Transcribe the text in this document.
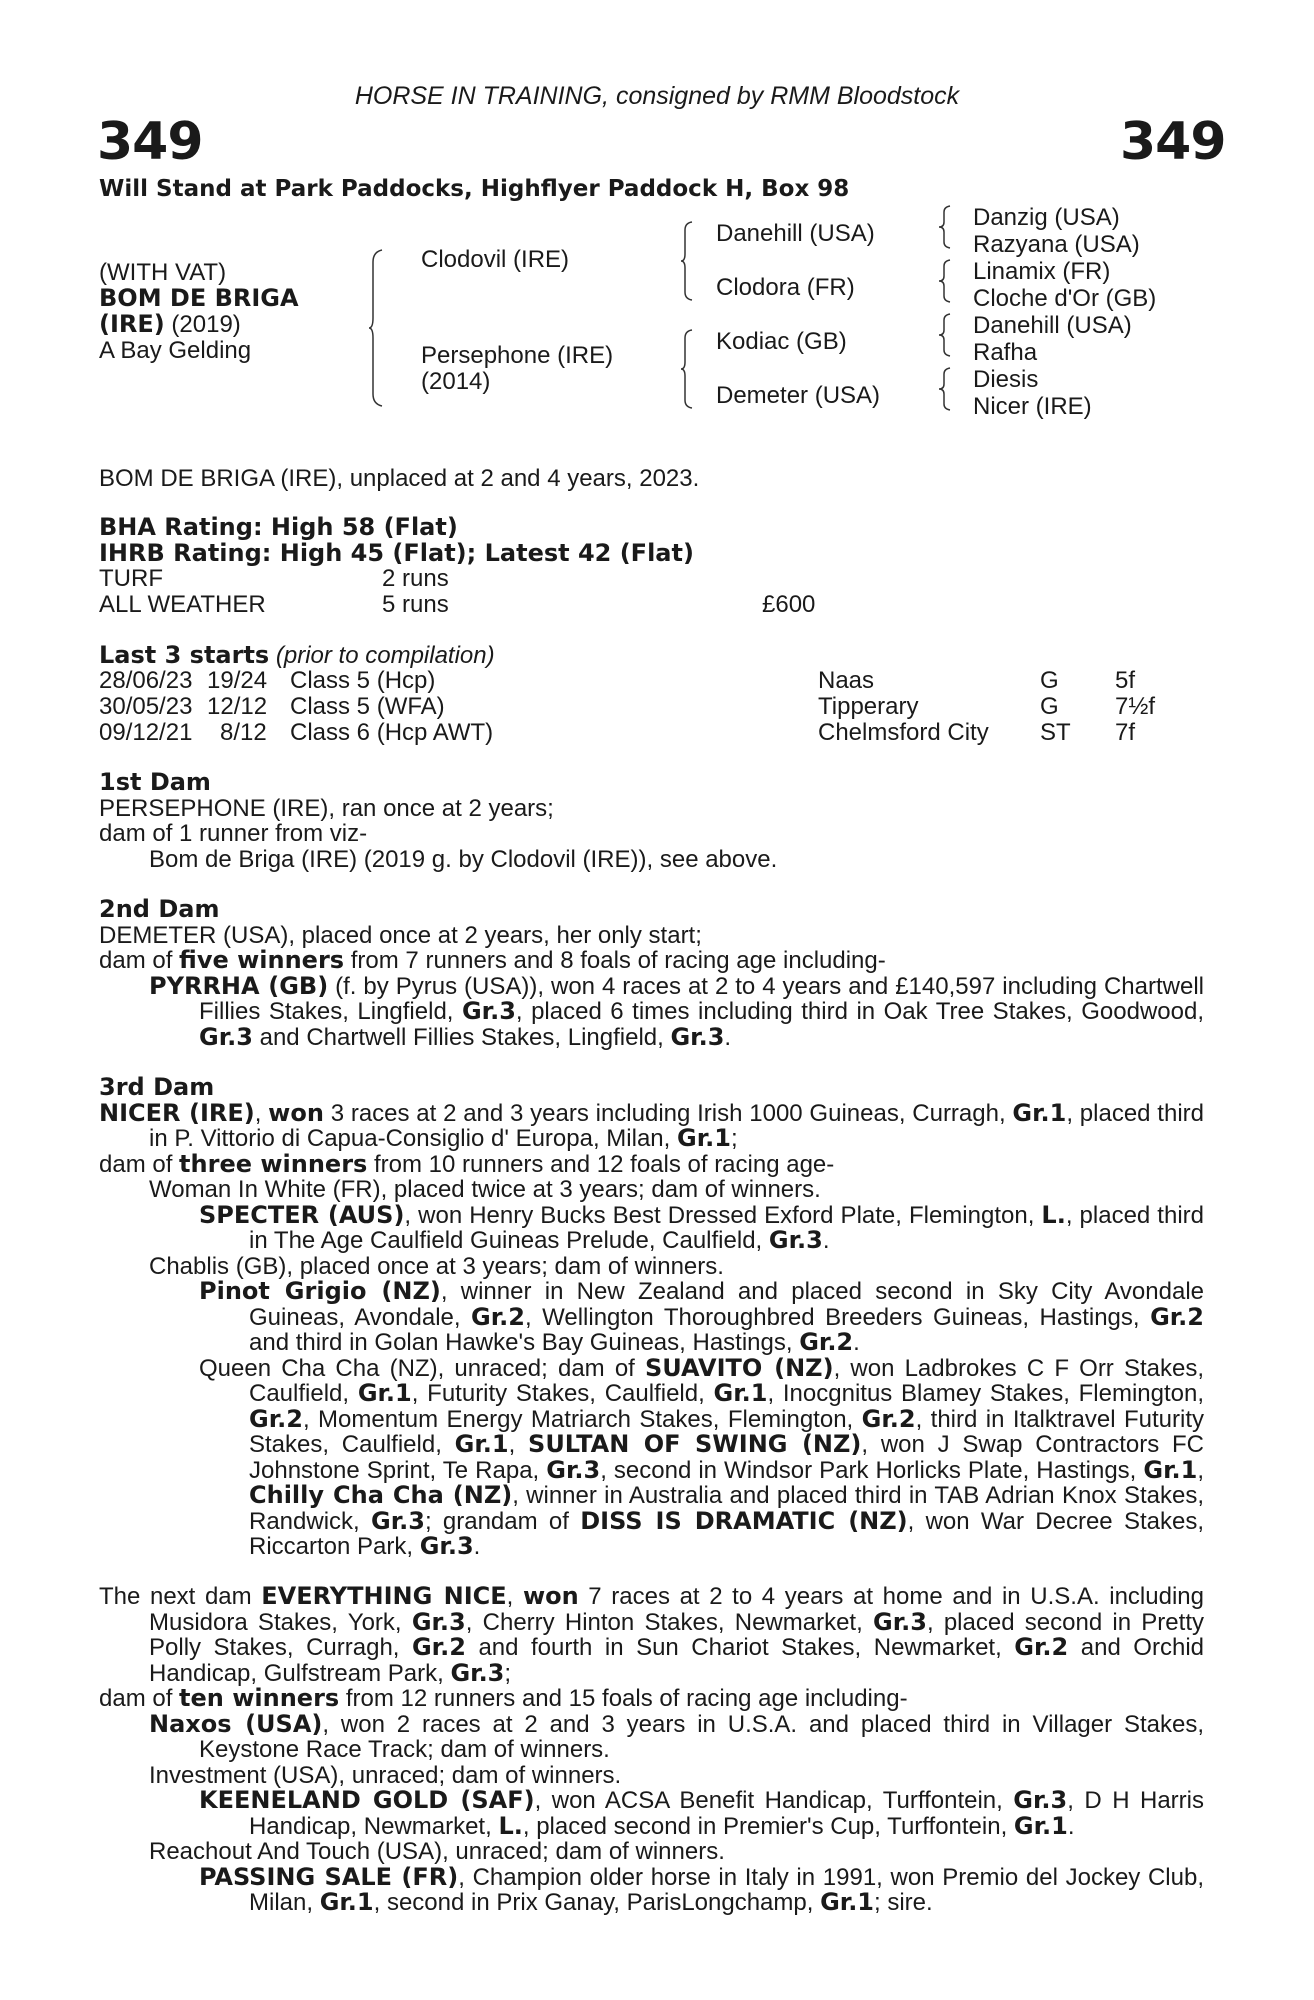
HORSE IN TRAINING, consigned by RMM Bloodstock
349	349
Will Stand at Park Paddocks, Highflyer Paddock H, Box 98
(WITH VAT)
BOM DE BRIGA
(IRE) (2019)
A Bay Gelding
Clodovil (IRE)
Persephone (IRE)
(2014)
Danehill (USA)
Clodora (FR)
Kodiac (GB)
Demeter (USA)
Danzig (USA)
Razyana (USA)
Linamix (FR)
Cloche d'Or (GB)
Danehill (USA)
Rafha
Diesis
Nicer (IRE)
BOM DE BRIGA (IRE), unplaced at 2 and 4 years, 2023.
BHA Rating: High 58 (Flat)
IHRB Rating: High 45 (Flat); Latest 42 (Flat)
TURF	2 runs
ALL WEATHER	5 runs	£600
Last 3 starts (prior to compilation)
28/06/23 19/24 Class 5 (Hcp)	Naas	G 5f
30/05/23 12/12 Class 5 (WFA)	Tipperary	G 7½f
09/12/21 8/12 Class 6 (Hcp AWT)	Chelmsford City ST 7f

1st Dam

PERSEPHONE (IRE), ran once at 2 years;

dam of 1 runner from viz-

Bom de Briga (IRE) (2019 g. by Clodovil (IRE)), see above.

2nd Dam

DEMETER (USA), placed once at 2 years, her only start;

dam of five winners from 7 runners and 8 foals of racing age including-

PYRRHA (GB) (f. by Pyrus (USA)), won 4 races at 2 to 4 years and £140,597 including Chartwell Fillies Stakes, Lingfield, Gr.3, placed 6 times including third in Oak Tree Stakes, Goodwood, Gr.3 and Chartwell Fillies Stakes, Lingfield, Gr.3.

3rd Dam

NICER (IRE), won 3 races at 2 and 3 years including Irish 1000 Guineas, Curragh, Gr.1, placed third in P. Vittorio di Capua-Consiglio d' Europa, Milan, Gr.1;

dam of three winners from 10 runners and 12 foals of racing age-

Woman In White (FR), placed twice at 3 years; dam of winners.

SPECTER (AUS), won Henry Bucks Best Dressed Exford Plate, Flemington, L., placed third in The Age Caulfield Guineas Prelude, Caulfield, Gr.3.

Chablis (GB), placed once at 3 years; dam of winners.

Pinot Grigio (NZ), winner in New Zealand and placed second in Sky City Avondale Guineas, Avondale, Gr.2, Wellington Thoroughbred Breeders Guineas, Hastings, Gr.2 and third in Golan Hawke's Bay Guineas, Hastings, Gr.2.

Queen Cha Cha (NZ), unraced; dam of SUAVITO (NZ), won Ladbrokes C F Orr Stakes, Caulfield, Gr.1, Futurity Stakes, Caulfield, Gr.1, Inocgnitus Blamey Stakes, Flemington, Gr.2, Momentum Energy Matriarch Stakes, Flemington, Gr.2, third in Italktravel Futurity Stakes, Caulfield, Gr.1, SULTAN OF SWING (NZ), won J Swap Contractors FC Johnstone Sprint, Te Rapa, Gr.3, second in Windsor Park Horlicks Plate, Hastings, Gr.1, Chilly Cha Cha (NZ), winner in Australia and placed third in TAB Adrian Knox Stakes, Randwick, Gr.3; grandam of DISS IS DRAMATIC (NZ), won War Decree Stakes, Riccarton Park, Gr.3.

The next dam EVERYTHING NICE, won 7 races at 2 to 4 years at home and in U.S.A. including Musidora Stakes, York, Gr.3, Cherry Hinton Stakes, Newmarket, Gr.3, placed second in Pretty Polly Stakes, Curragh, Gr.2 and fourth in Sun Chariot Stakes, Newmarket, Gr.2 and Orchid Handicap, Gulfstream Park, Gr.3;

dam of ten winners from 12 runners and 15 foals of racing age including-

Naxos (USA), won 2 races at 2 and 3 years in U.S.A. and placed third in Villager Stakes, Keystone Race Track; dam of winners.

Investment (USA), unraced; dam of winners.

KEENELAND GOLD (SAF), won ACSA Benefit Handicap, Turffontein, Gr.3, D H Harris Handicap, Newmarket, L., placed second in Premier's Cup, Turffontein, Gr.1.

Reachout And Touch (USA), unraced; dam of winners.

PASSING SALE (FR), Champion older horse in Italy in 1991, won Premio del Jockey Club, Milan, Gr.1, second in Prix Ganay, ParisLongchamp, Gr.1; sire.
